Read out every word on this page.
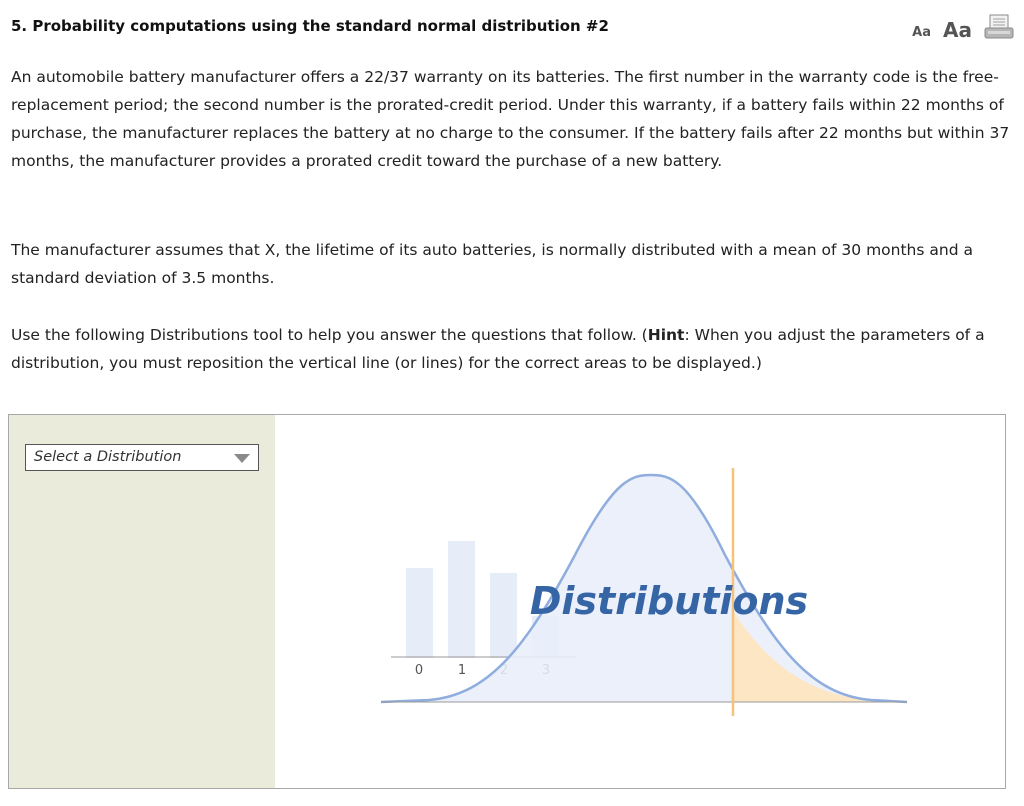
5. Probability computations using the standard normal distribution #2	Aa Aa

An automobile battery manufacturer offers a 22/37 warranty on its batteries. The first number in the warranty code is the free-replacement period; the second number is the prorated-credit period. Under this warranty, if a battery fails within 22 months of purchase, the manufacturer replaces the battery at no charge to the consumer. If the battery fails after 22 months but within 37 months, the manufacturer provides a prorated credit toward the purchase of a new battery.

The manufacturer assumes that X, the lifetime of its auto batteries, is normally distributed with a mean of 30 months and a standard deviation of 3.5 months.

Use the following Distributions tool to help you answer the questions that follow. (Hint: When you adjust the parameters of a distribution, you must reposition the vertical line (or lines) for the correct areas to be displayed.)

Select a Distribution
0	1
Distributions
